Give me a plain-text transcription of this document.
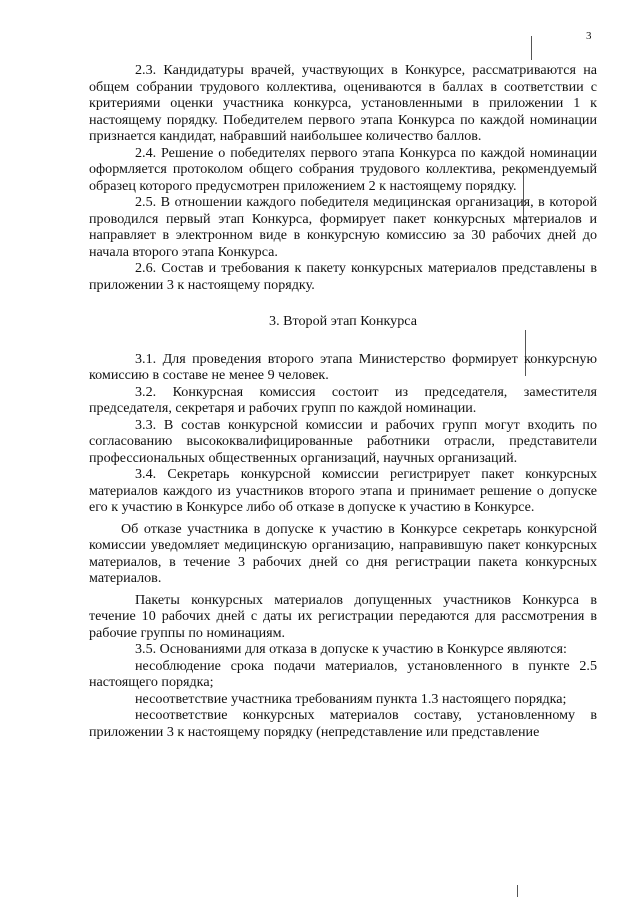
3

2.3. Кандидатуры врачей, участвующих в Конкурсе, рассматриваются на общем собрании трудового коллектива, оцениваются в баллах в соответствии с критериями оценки участника конкурса, установленными в приложении 1 к настоящему порядку. Победителем первого этапа Конкурса по каждой номинации признается кандидат, набравший наибольшее количество баллов.

2.4. Решение о победителях первого этапа Конкурса по каждой номинации оформляется протоколом общего собрания трудового коллектива, рекомендуемый образец которого предусмотрен приложением 2 к настоящему порядку.

2.5. В отношении каждого победителя медицинская организация, в которой проводился первый этап Конкурса, формирует пакет конкурсных материалов и направляет в электронном виде в конкурсную комиссию за 30 рабочих дней до начала второго этапа Конкурса.

2.6. Состав и требования к пакету конкурсных материалов представлены в приложении 3 к настоящему порядку.

3. Второй этап Конкурса

3.1. Для проведения второго этапа Министерство формирует конкурсную комиссию в составе не менее 9 человек.

3.2. Конкурсная комиссия состоит из председателя, заместителя председателя, секретаря и рабочих групп по каждой номинации.

3.3. В состав конкурсной комиссии и рабочих групп могут входить по согласованию высококвалифицированные работники отрасли, представители профессиональных общественных организаций, научных организаций.

3.4. Секретарь конкурсной комиссии регистрирует пакет конкурсных материалов каждого из участников второго этапа и принимает решение о допуске его к участию в Конкурсе либо об отказе в допуске к участию в Конкурсе.

Об отказе участника в допуске к участию в Конкурсе секретарь конкурсной комиссии уведомляет медицинскую организацию, направившую пакет конкурсных материалов, в течение 3 рабочих дней со дня регистрации пакета конкурсных материалов.

Пакеты конкурсных материалов допущенных участников Конкурса в течение 10 рабочих дней с даты их регистрации передаются для рассмотрения в рабочие группы по номинациям.

3.5. Основаниями для отказа в допуске к участию в Конкурсе являются:

несоблюдение срока подачи материалов, установленного в пункте 2.5 настоящего порядка;

несоответствие участника требованиям пункта 1.3 настоящего порядка;

несоответствие конкурсных материалов составу, установленному в приложении 3 к настоящему порядку (непредставление или представление
